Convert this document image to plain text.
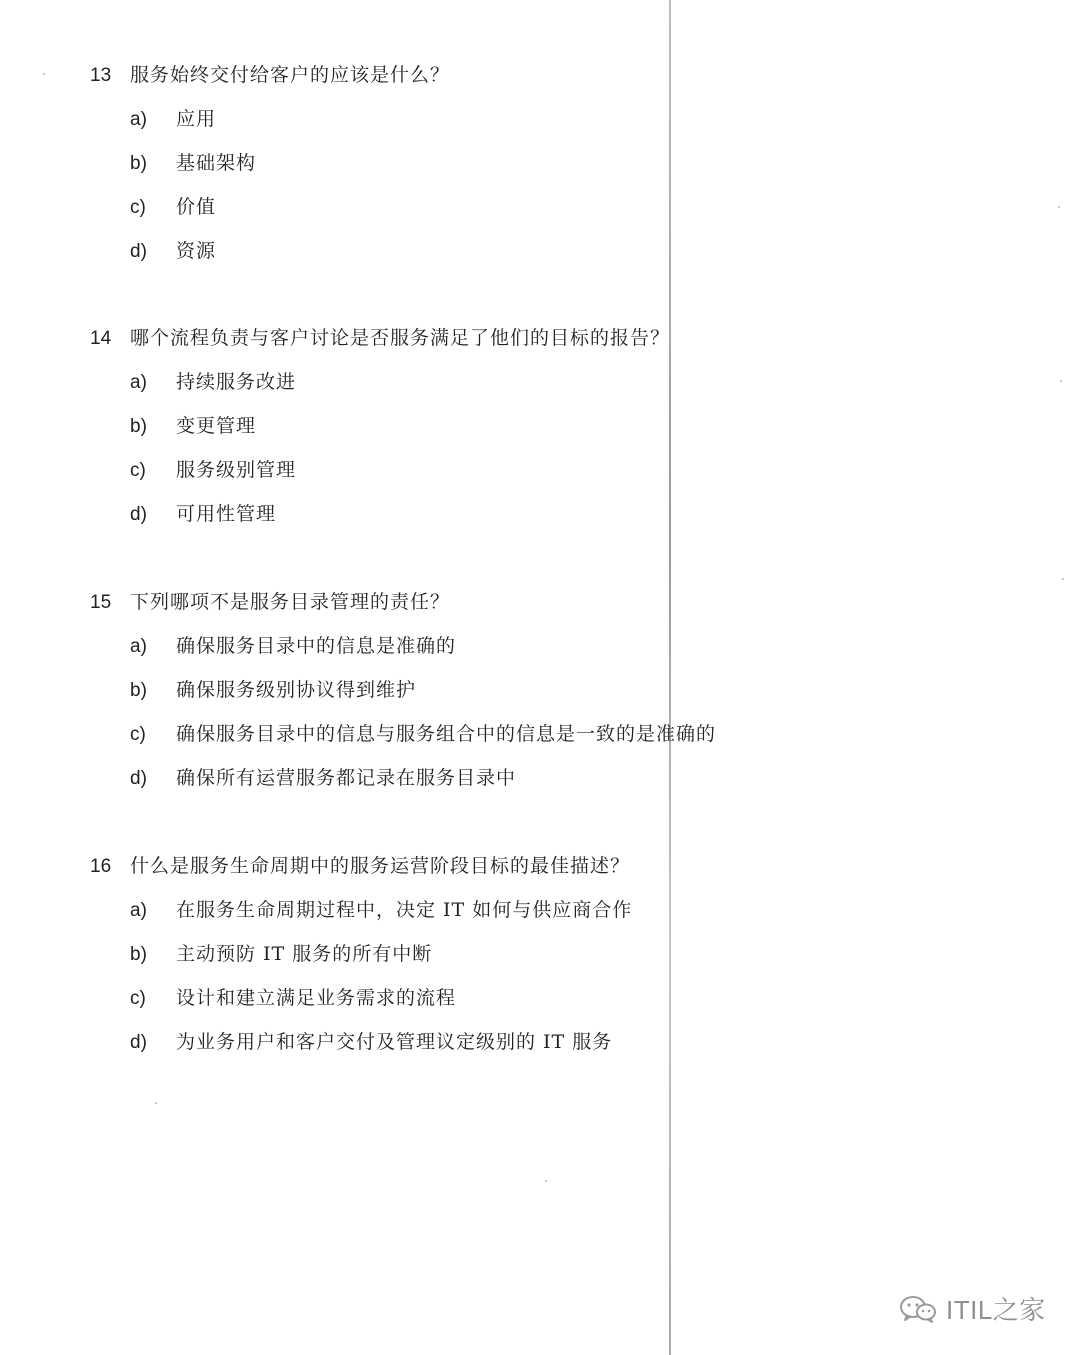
13 服务始终交付给客户的应该是什么？
a)	应用
b)	基础架构
c)	价值
d)	资源
14 哪个流程负责与客户讨论是否服务满足了他们的目标的报告？
a)	持续服务改进
b)	变更管理
c)	服务级别管理
d)	可用性管理
15 下列哪项不是服务目录管理的责任？
a)	确保服务目录中的信息是准确的
b)	确保服务级别协议得到维护
c)	确保服务目录中的信息与服务组合中的信息是一致的是准确的
d)	确保所有运营服务都记录在服务目录中
16 什么是服务生命周期中的服务运营阶段目标的最佳描述？
a)	在服务生命周期过程中，决定 IT 如何与供应商合作
b)	主动预防 IT 服务的所有中断
c)	设计和建立满足业务需求的流程
d)	为业务用户和客户交付及管理议定级别的 IT 服务
ITIL之家
